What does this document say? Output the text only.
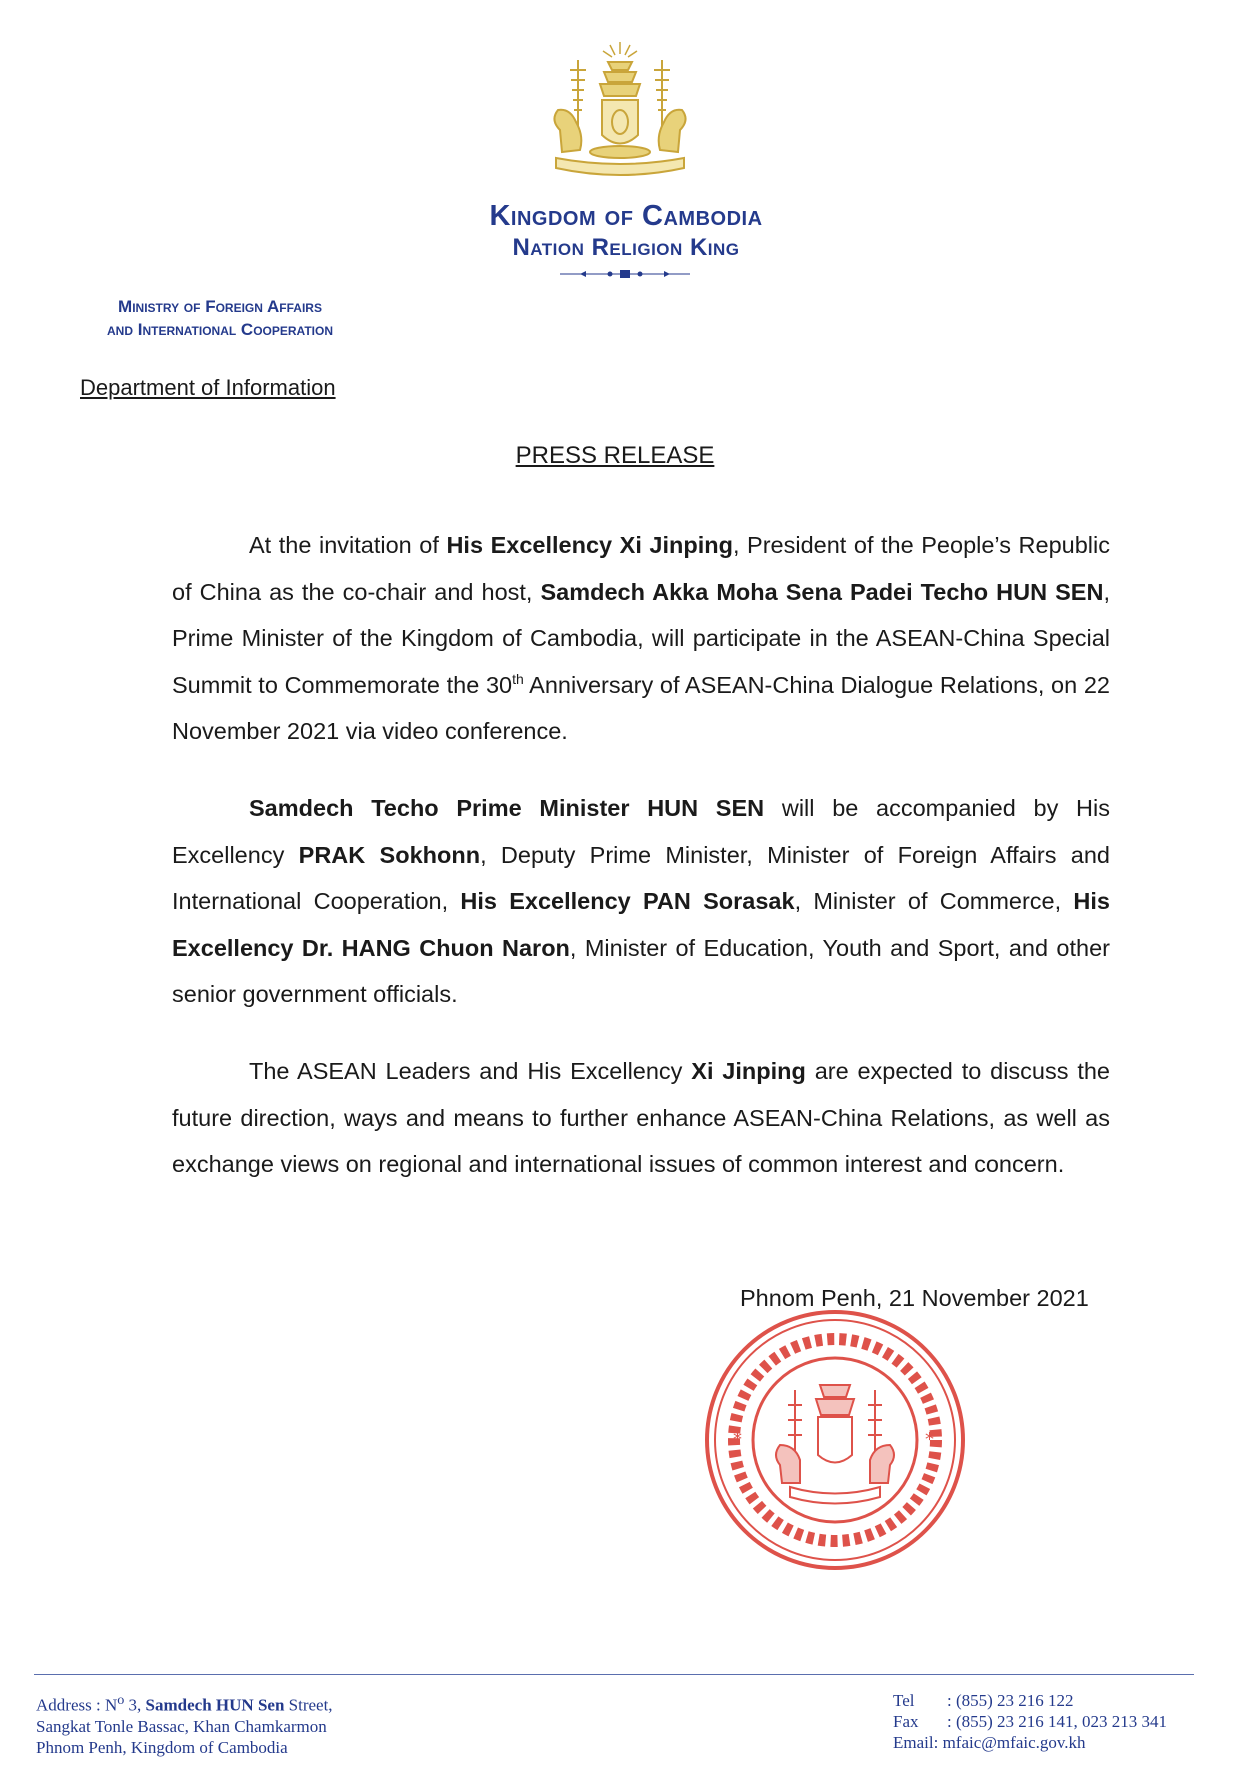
Kingdom of Cambodia
Nation Religion King
Ministry of Foreign Affairs
and International Cooperation
Department of Information
PRESS RELEASE
At the invitation of His Excellency Xi Jinping, President of the People’s Republic of China as the co-chair and host, Samdech Akka Moha Sena Padei Techo HUN SEN, Prime Minister of the Kingdom of Cambodia, will participate in the ASEAN-China Special Summit to Commemorate the 30th Anniversary of ASEAN-China Dialogue Relations, on 22 November 2021 via video conference.
Samdech Techo Prime Minister HUN SEN will be accompanied by His Excellency PRAK Sokhonn, Deputy Prime Minister, Minister of Foreign Affairs and International Cooperation, His Excellency PAN Sorasak, Minister of Commerce, His Excellency Dr. HANG Chuon Naron, Minister of Education, Youth and Sport, and other senior government officials.
The ASEAN Leaders and His Excellency Xi Jinping are expected to discuss the future direction, ways and means to further enhance ASEAN-China Relations, as well as exchange views on regional and international issues of common interest and concern.
Phnom Penh, 21 November 2021
*	*
Address : $N^o$ 3, Samdech HUN Sen Street,
Sangkat Tonle Bassac, Khan Chamkarmon
Phnom Penh, Kingdom of Cambodia
Tel : (855) 23 216 122
Fax : (855) 23 216 141, 023 213 341
Email: mfaic@mfaic.gov.kh
